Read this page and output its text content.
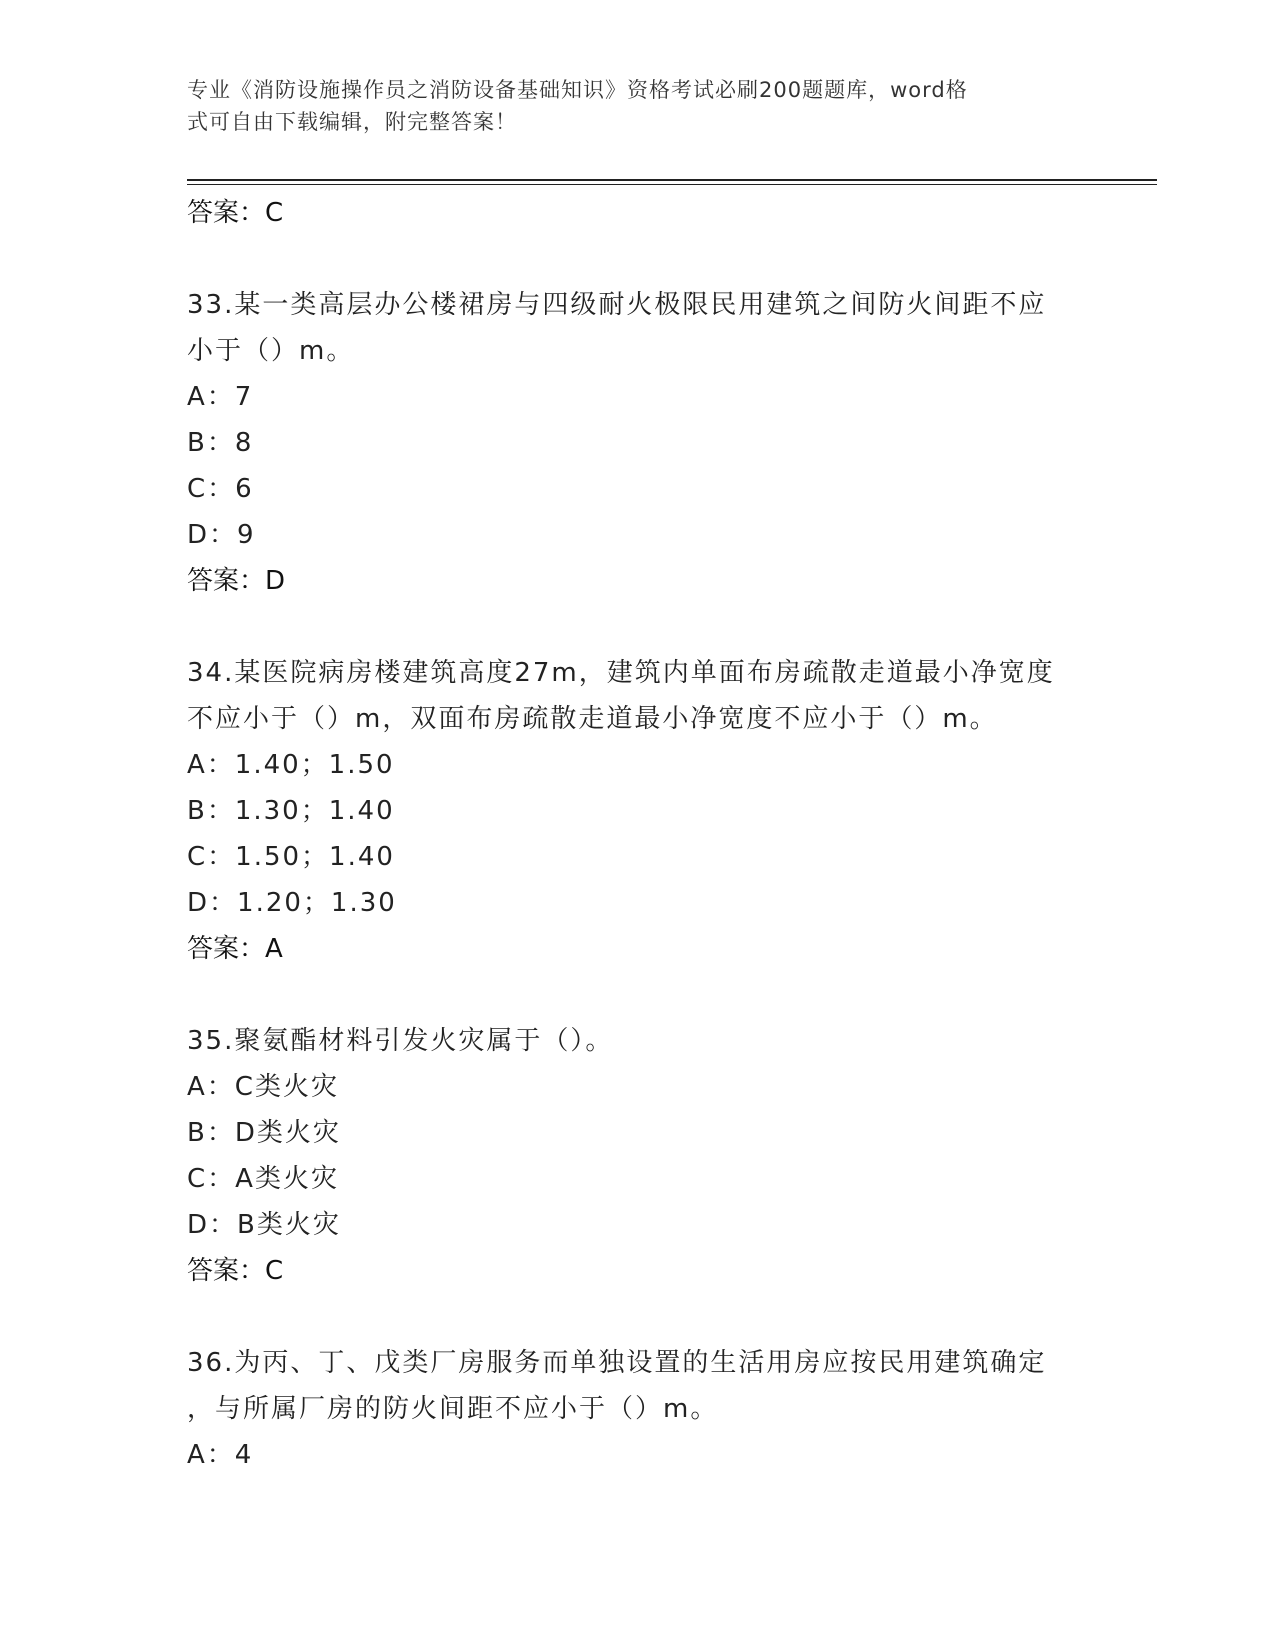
专业《消防设施操作员之消防设备基础知识》资格考试必刷200题题库，word格
式可自由下载编辑，附完整答案！
答案：C
33.某一类高层办公楼裙房与四级耐火极限民用建筑之间防火间距不应
小于（）m。
A：7
B：8
C：6
D：9
答案：D
34.某医院病房楼建筑高度27m，建筑内单面布房疏散走道最小净宽度
不应小于（）m，双面布房疏散走道最小净宽度不应小于（）m。
A：1.40；1.50
B：1.30；1.40
C：1.50；1.40
D：1.20；1.30
答案：A
35.聚氨酯材料引发火灾属于（）。
A：C类火灾
B：D类火灾
C：A类火灾
D：B类火灾
答案：C
36.为丙、丁、戊类厂房服务而单独设置的生活用房应按民用建筑确定
，与所属厂房的防火间距不应小于（）m。
A：4
